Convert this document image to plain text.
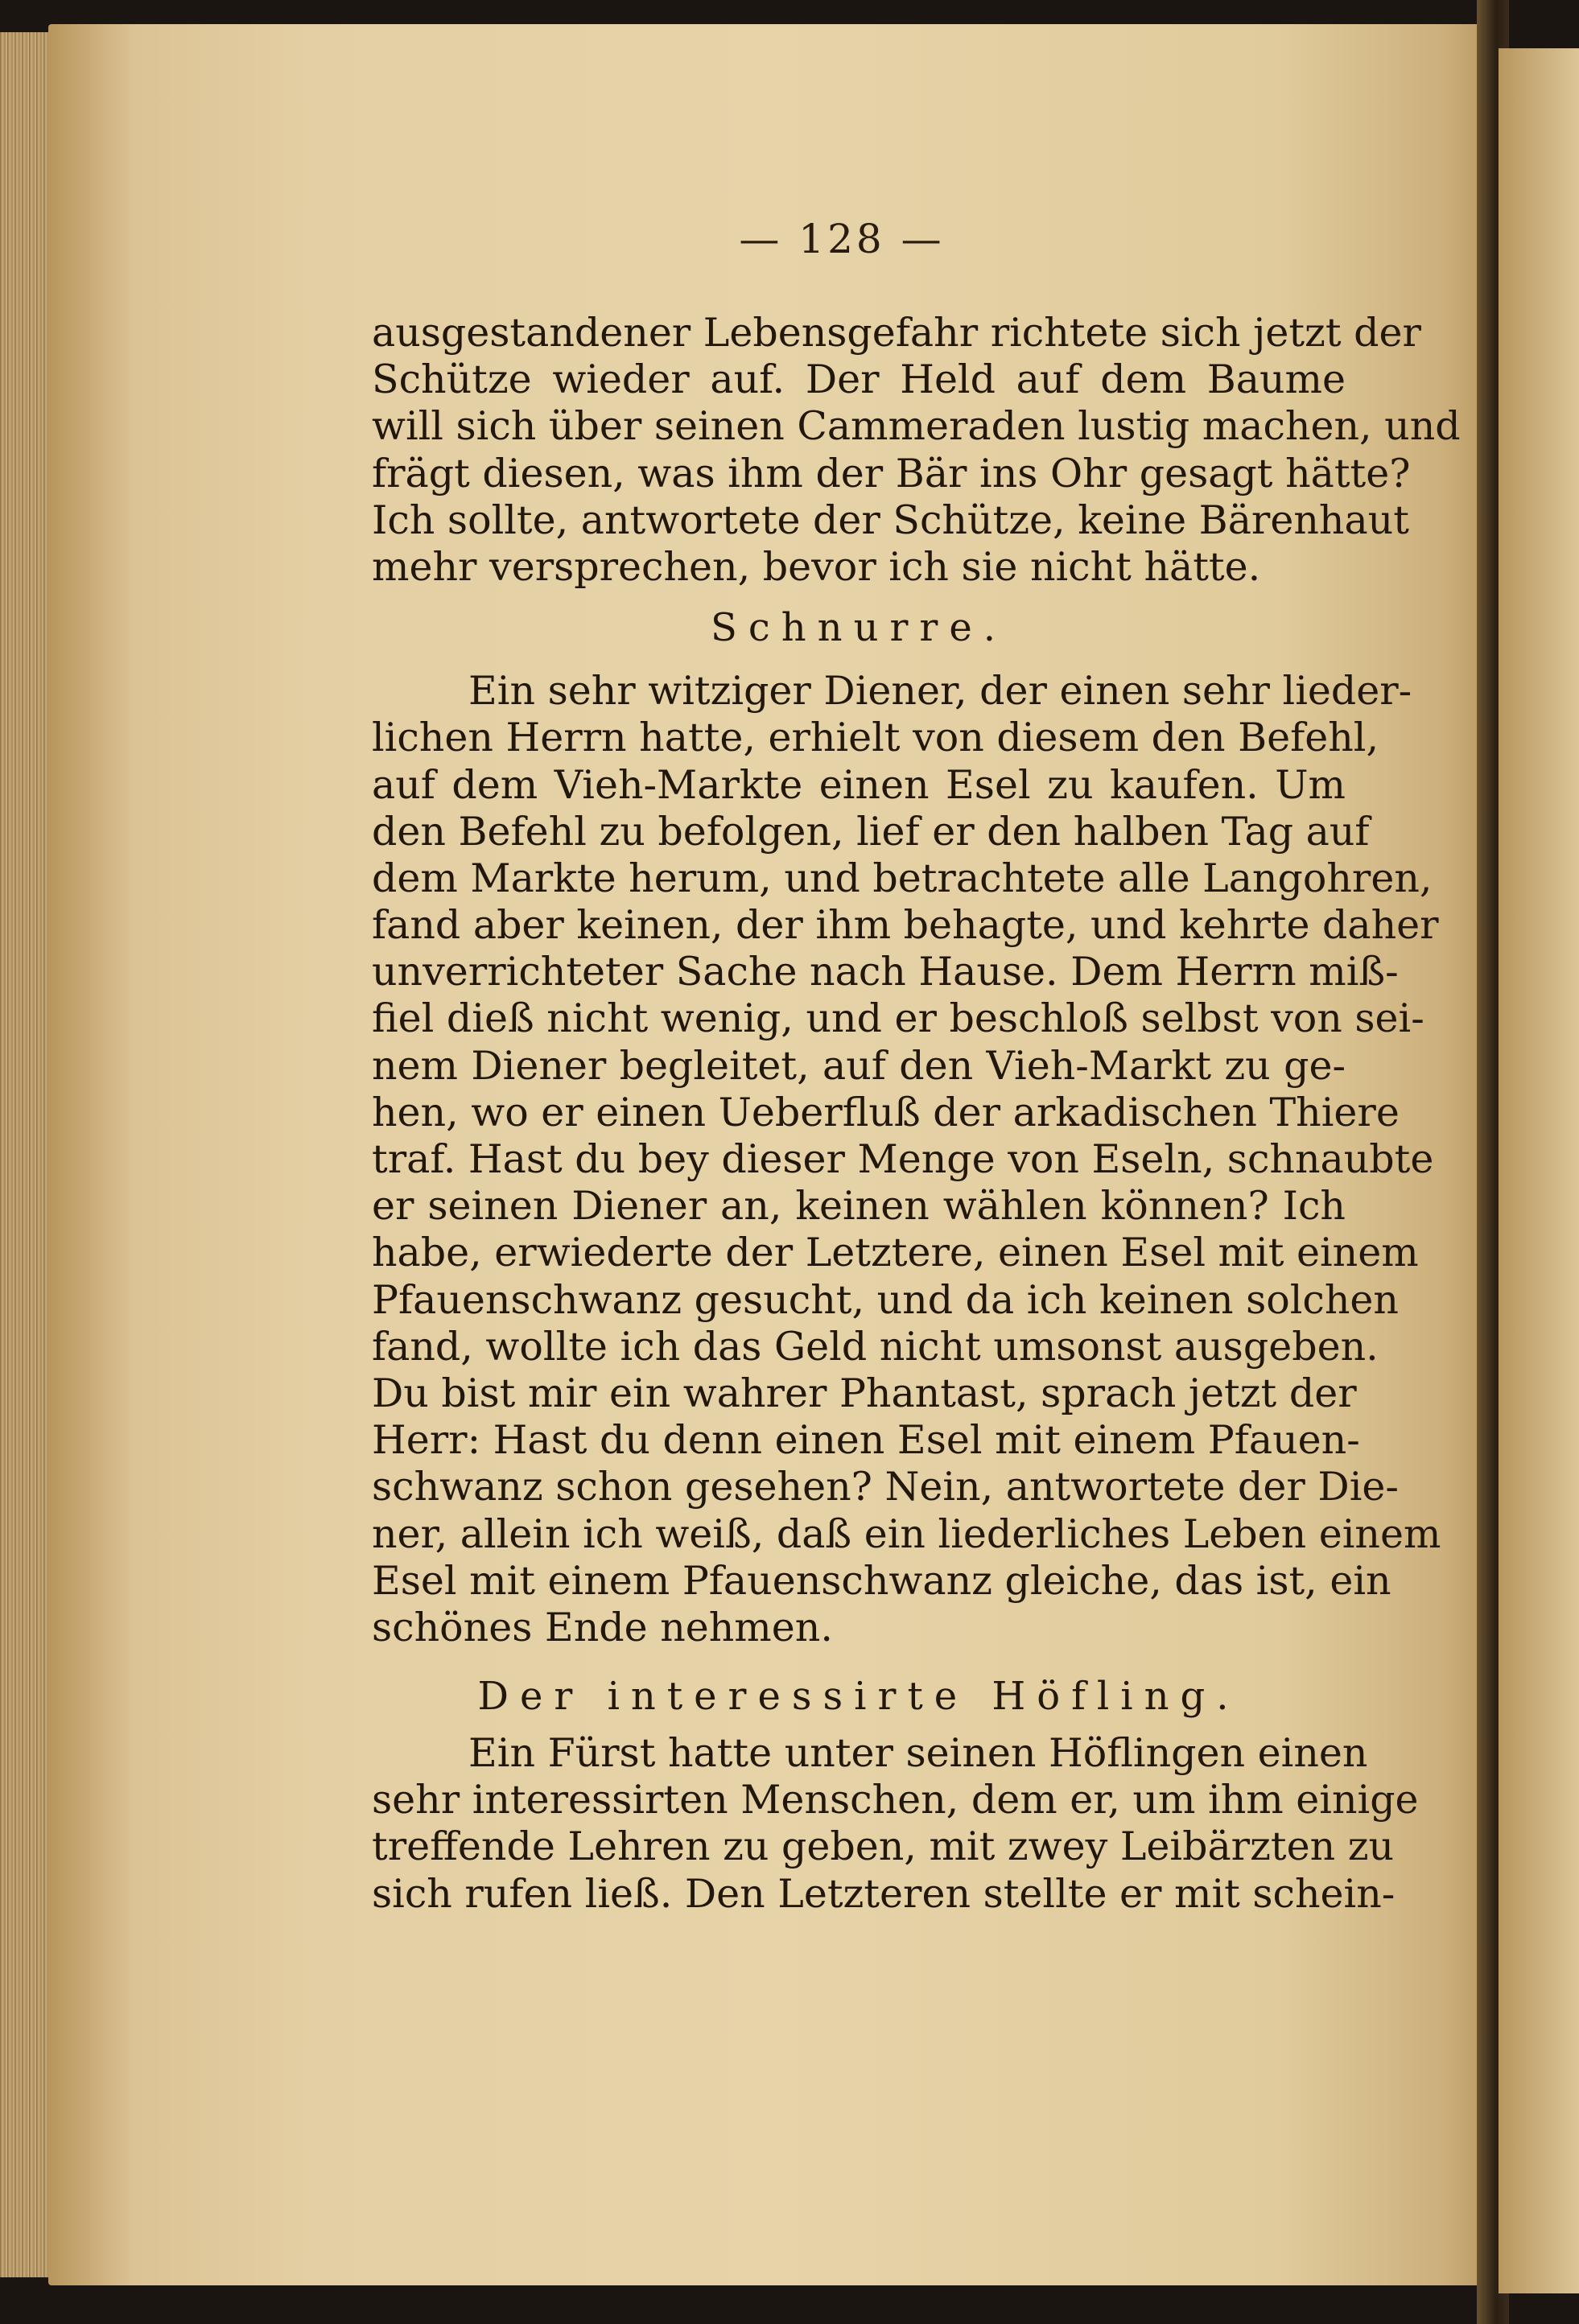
— 128 —
ausgestandener Lebensgefahr richtete sich jetzt der
Schütze wieder auf. Der Held auf dem Baume
will sich über seinen Cammeraden lustig machen, und
frägt diesen, was ihm der Bär ins Ohr gesagt hätte?
Ich sollte, antwortete der Schütze, keine Bärenhaut
mehr versprechen, bevor ich sie nicht hätte.
Schnurre.
Ein sehr witziger Diener, der einen sehr lieder-
lichen Herrn hatte, erhielt von diesem den Befehl,
auf dem Vieh-Markte einen Esel zu kaufen. Um
den Befehl zu befolgen, lief er den halben Tag auf
dem Markte herum, und betrachtete alle Langohren,
fand aber keinen, der ihm behagte, und kehrte daher
unverrichteter Sache nach Hause. Dem Herrn miß-
fiel dieß nicht wenig, und er beschloß selbst von sei-
nem Diener begleitet, auf den Vieh-Markt zu ge-
hen, wo er einen Ueberfluß der arkadischen Thiere
traf. Hast du bey dieser Menge von Eseln, schnaubte
er seinen Diener an, keinen wählen können? Ich
habe, erwiederte der Letztere, einen Esel mit einem
Pfauenschwanz gesucht, und da ich keinen solchen
fand, wollte ich das Geld nicht umsonst ausgeben.
Du bist mir ein wahrer Phantast, sprach jetzt der
Herr: Hast du denn einen Esel mit einem Pfauen-
schwanz schon gesehen? Nein, antwortete der Die-
ner, allein ich weiß, daß ein liederliches Leben einem
Esel mit einem Pfauenschwanz gleiche, das ist, ein
schönes Ende nehmen.
Der interessirte Höfling.
Ein Fürst hatte unter seinen Höflingen einen
sehr interessirten Menschen, dem er, um ihm einige
treffende Lehren zu geben, mit zwey Leibärzten zu
sich rufen ließ. Den Letzteren stellte er mit schein-
